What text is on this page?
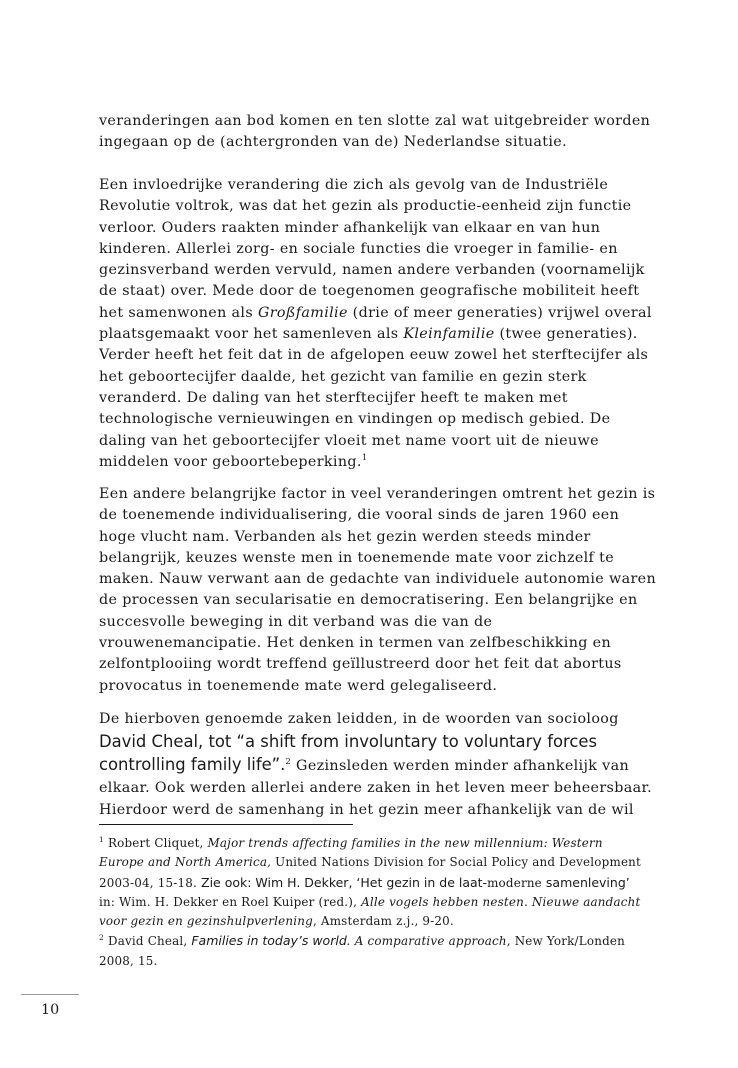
veranderingen aan bod komen en ten slotte zal wat uitgebreider worden
ingegaan op de (achtergronden van de) Nederlandse situatie.

Een invloedrijke verandering die zich als gevolg van de Industriële
Revolutie voltrok, was dat het gezin als productie-eenheid zijn functie
verloor. Ouders raakten minder afhankelijk van elkaar en van hun
kinderen. Allerlei zorg- en sociale functies die vroeger in familie- en
gezinsverband werden vervuld, namen andere verbanden (voornamelijk
de staat) over. Mede door de toegenomen geografische mobiliteit heeft
het samenwonen als Großfamilie (drie of meer generaties) vrijwel overal
plaatsgemaakt voor het samenleven als Kleinfamilie (twee generaties).
Verder heeft het feit dat in de afgelopen eeuw zowel het sterftecijfer als
het geboortecijfer daalde, het gezicht van familie en gezin sterk
veranderd. De daling van het sterftecijfer heeft te maken met
technologische vernieuwingen en vindingen op medisch gebied. De
daling van het geboortecijfer vloeit met name voort uit de nieuwe
middelen voor geboortebeperking.$^1$

Een andere belangrijke factor in veel veranderingen omtrent het gezin is
de toenemende individualisering, die vooral sinds de jaren 1960 een
hoge vlucht nam. Verbanden als het gezin werden steeds minder
belangrijk, keuzes wenste men in toenemende mate voor zichzelf te
maken. Nauw verwant aan de gedachte van individuele autonomie waren
de processen van secularisatie en democratisering. Een belangrijke en
succesvolle beweging in dit verband was die van de
vrouwenemancipatie. Het denken in termen van zelfbeschikking en
zelfontplooiing wordt treffend geïllustreerd door het feit dat abortus
provocatus in toenemende mate werd gelegaliseerd.

De hierboven genoemde zaken leidden, in de woorden van socioloog
David Cheal, tot “a shift from involuntary to voluntary forces
controlling family life”.$^2$ Gezinsleden werden minder afhankelijk van
elkaar. Ook werden allerlei andere zaken in het leven meer beheersbaar.
Hierdoor werd de samenhang in het gezin meer afhankelijk van de wil

$^1$ Robert Cliquet, Major trends affecting families in the new millennium: Western
Europe and North America, United Nations Division for Social Policy and Development
2003-04, 15-18. Zie ook: Wim H. Dekker, ‘Het gezin in de laat-moderne samenleving’
in: Wim. H. Dekker en Roel Kuiper (red.), Alle vogels hebben nesten. Nieuwe aandacht
voor gezin en gezinshulpverlening, Amsterdam z.j., 9-20.
$^2$ David Cheal, Families in today’s world. A comparative approach, New York/Londen
2008, 15.
10
